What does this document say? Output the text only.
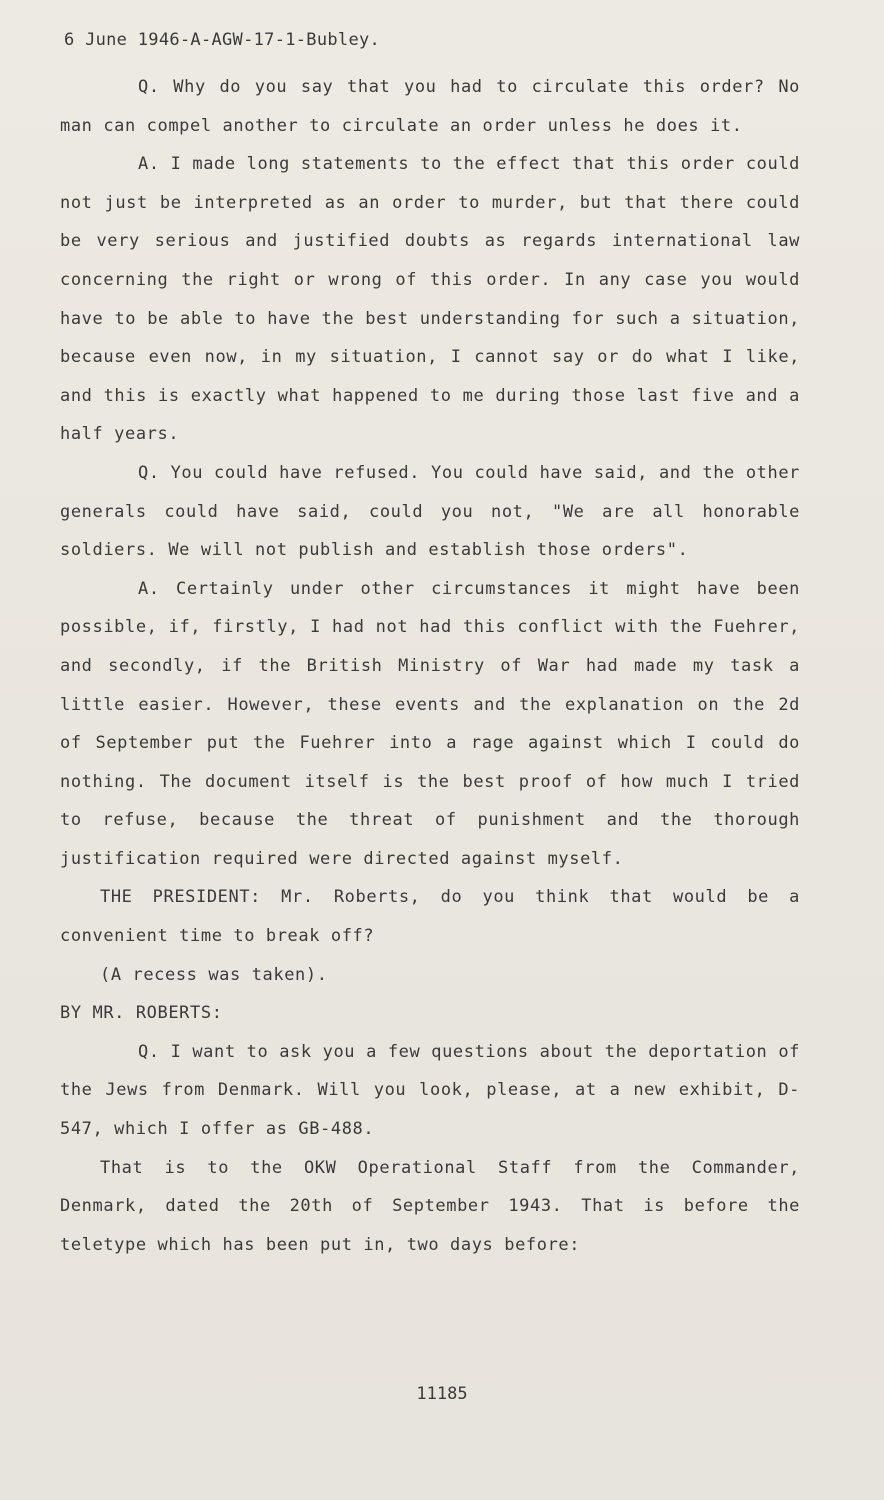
6 June 1946-A-AGW-17-1-Bubley.

Q. Why do you say that you had to circulate this order? No man can compel another to circulate an order unless he does it.

A. I made long statements to the effect that this order could not just be interpreted as an order to murder, but that there could be very serious and justified doubts as regards international law concerning the right or wrong of this order. In any case you would have to be able to have the best understanding for such a situation, because even now, in my situation, I cannot say or do what I like, and this is exactly what happened to me during those last five and a half years.

Q. You could have refused. You could have said, and the other generals could have said, could you not, "We are all honorable soldiers. We will not publish and establish those orders".

A. Certainly under other circumstances it might have been possible, if, firstly, I had not had this conflict with the Fuehrer, and secondly, if the British Ministry of War had made my task a little easier. However, these events and the explanation on the 2d of September put the Fuehrer into a rage against which I could do nothing. The document itself is the best proof of how much I tried to refuse, because the threat of punishment and the thorough justification required were directed against myself.

THE PRESIDENT: Mr. Roberts, do you think that would be a convenient time to break off?

(A recess was taken).

BY MR. ROBERTS:

Q. I want to ask you a few questions about the deportation of the Jews from Denmark. Will you look, please, at a new exhibit, D-547, which I offer as GB-488.

That is to the OKW Operational Staff from the Commander, Denmark, dated the 20th of September 1943. That is before the teletype which has been put in, two days before:

11185
